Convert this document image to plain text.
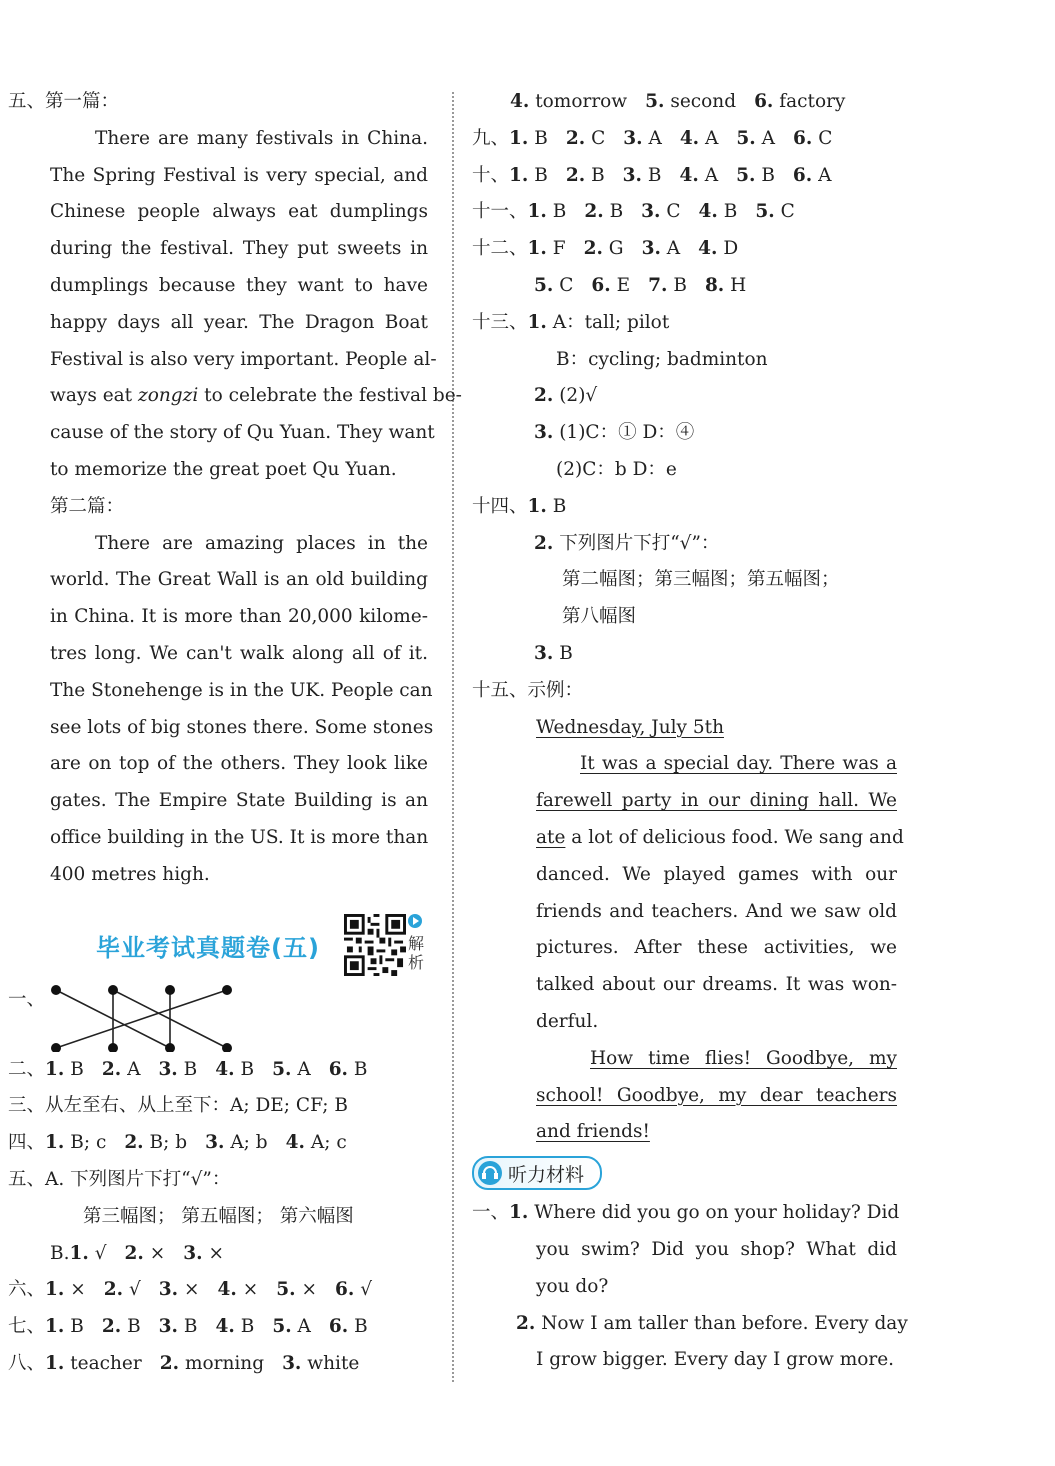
五、第一篇：
There are many festivals in China.
The Spring Festival is very special, and
Chinese people always eat dumplings
during the festival. They put sweets in
dumplings because they want to have
happy days all year. The Dragon Boat
Festival is also very important. People al-
ways eat zongzi to celebrate the festival be-
cause of the story of Qu Yuan. They want
to memorize the great poet Qu Yuan.
第二篇：
There are amazing places in the
world. The Great Wall is an old building
in China. It is more than 20,000 kilome-
tres long. We can't walk along all of it.
The Stonehenge is in the UK. People can
see lots of big stones there. Some stones
are on top of the others. They look like
gates. The Empire State Building is an
office building in the US. It is more than
400 metres high.
毕业考试真题卷(五)	解析
一、
二、1. B 2. A 3. B 4. B 5. A 6. B
三、从左至右、从上至下：A; DE; CF; B
四、1. B; c 2. B; b 3. A; b 4. A; c
五、A. 下列图片下打“√”：
第三幅图； 第五幅图； 第六幅图
B.1. √ 2. × 3. ×
六、1. × 2. √ 3. × 4. × 5. × 6. √
七、1. B 2. B 3. B 4. B 5. A 6. B
八、1. teacher 2. morning 3. white
4. tomorrow 5. second 6. factory
九、1. B 2. C 3. A 4. A 5. A 6. C
十、1. B 2. B 3. B 4. A 5. B 6. A
十一、1. B 2. B 3. C 4. B 5. C
十二、1. F 2. G 3. A 4. D
5. C 6. E 7. B 8. H
十三、1. A：tall; pilot
B：cycling; badminton
2. (2)√
3. (1)C：① D：④
(2)C：b D：e
十四、1. B
2. 下列图片下打“√”：
第二幅图；第三幅图；第五幅图；
第八幅图
3. B
十五、示例：
Wednesday, July 5th
It was a special day. There was a
farewell party in our dining hall. We
ate a lot of delicious food. We sang and
danced. We played games with our
friends and teachers. And we saw old
pictures. After these activities, we
talked about our dreams. It was won-
derful.
How time flies! Goodbye, my
school! Goodbye, my dear teachers
and friends!
听力材料
一、1. Where did you go on your holiday? Did
you swim? Did you shop? What did
you do?
2. Now I am taller than before. Every day
I grow bigger. Every day I grow more.
